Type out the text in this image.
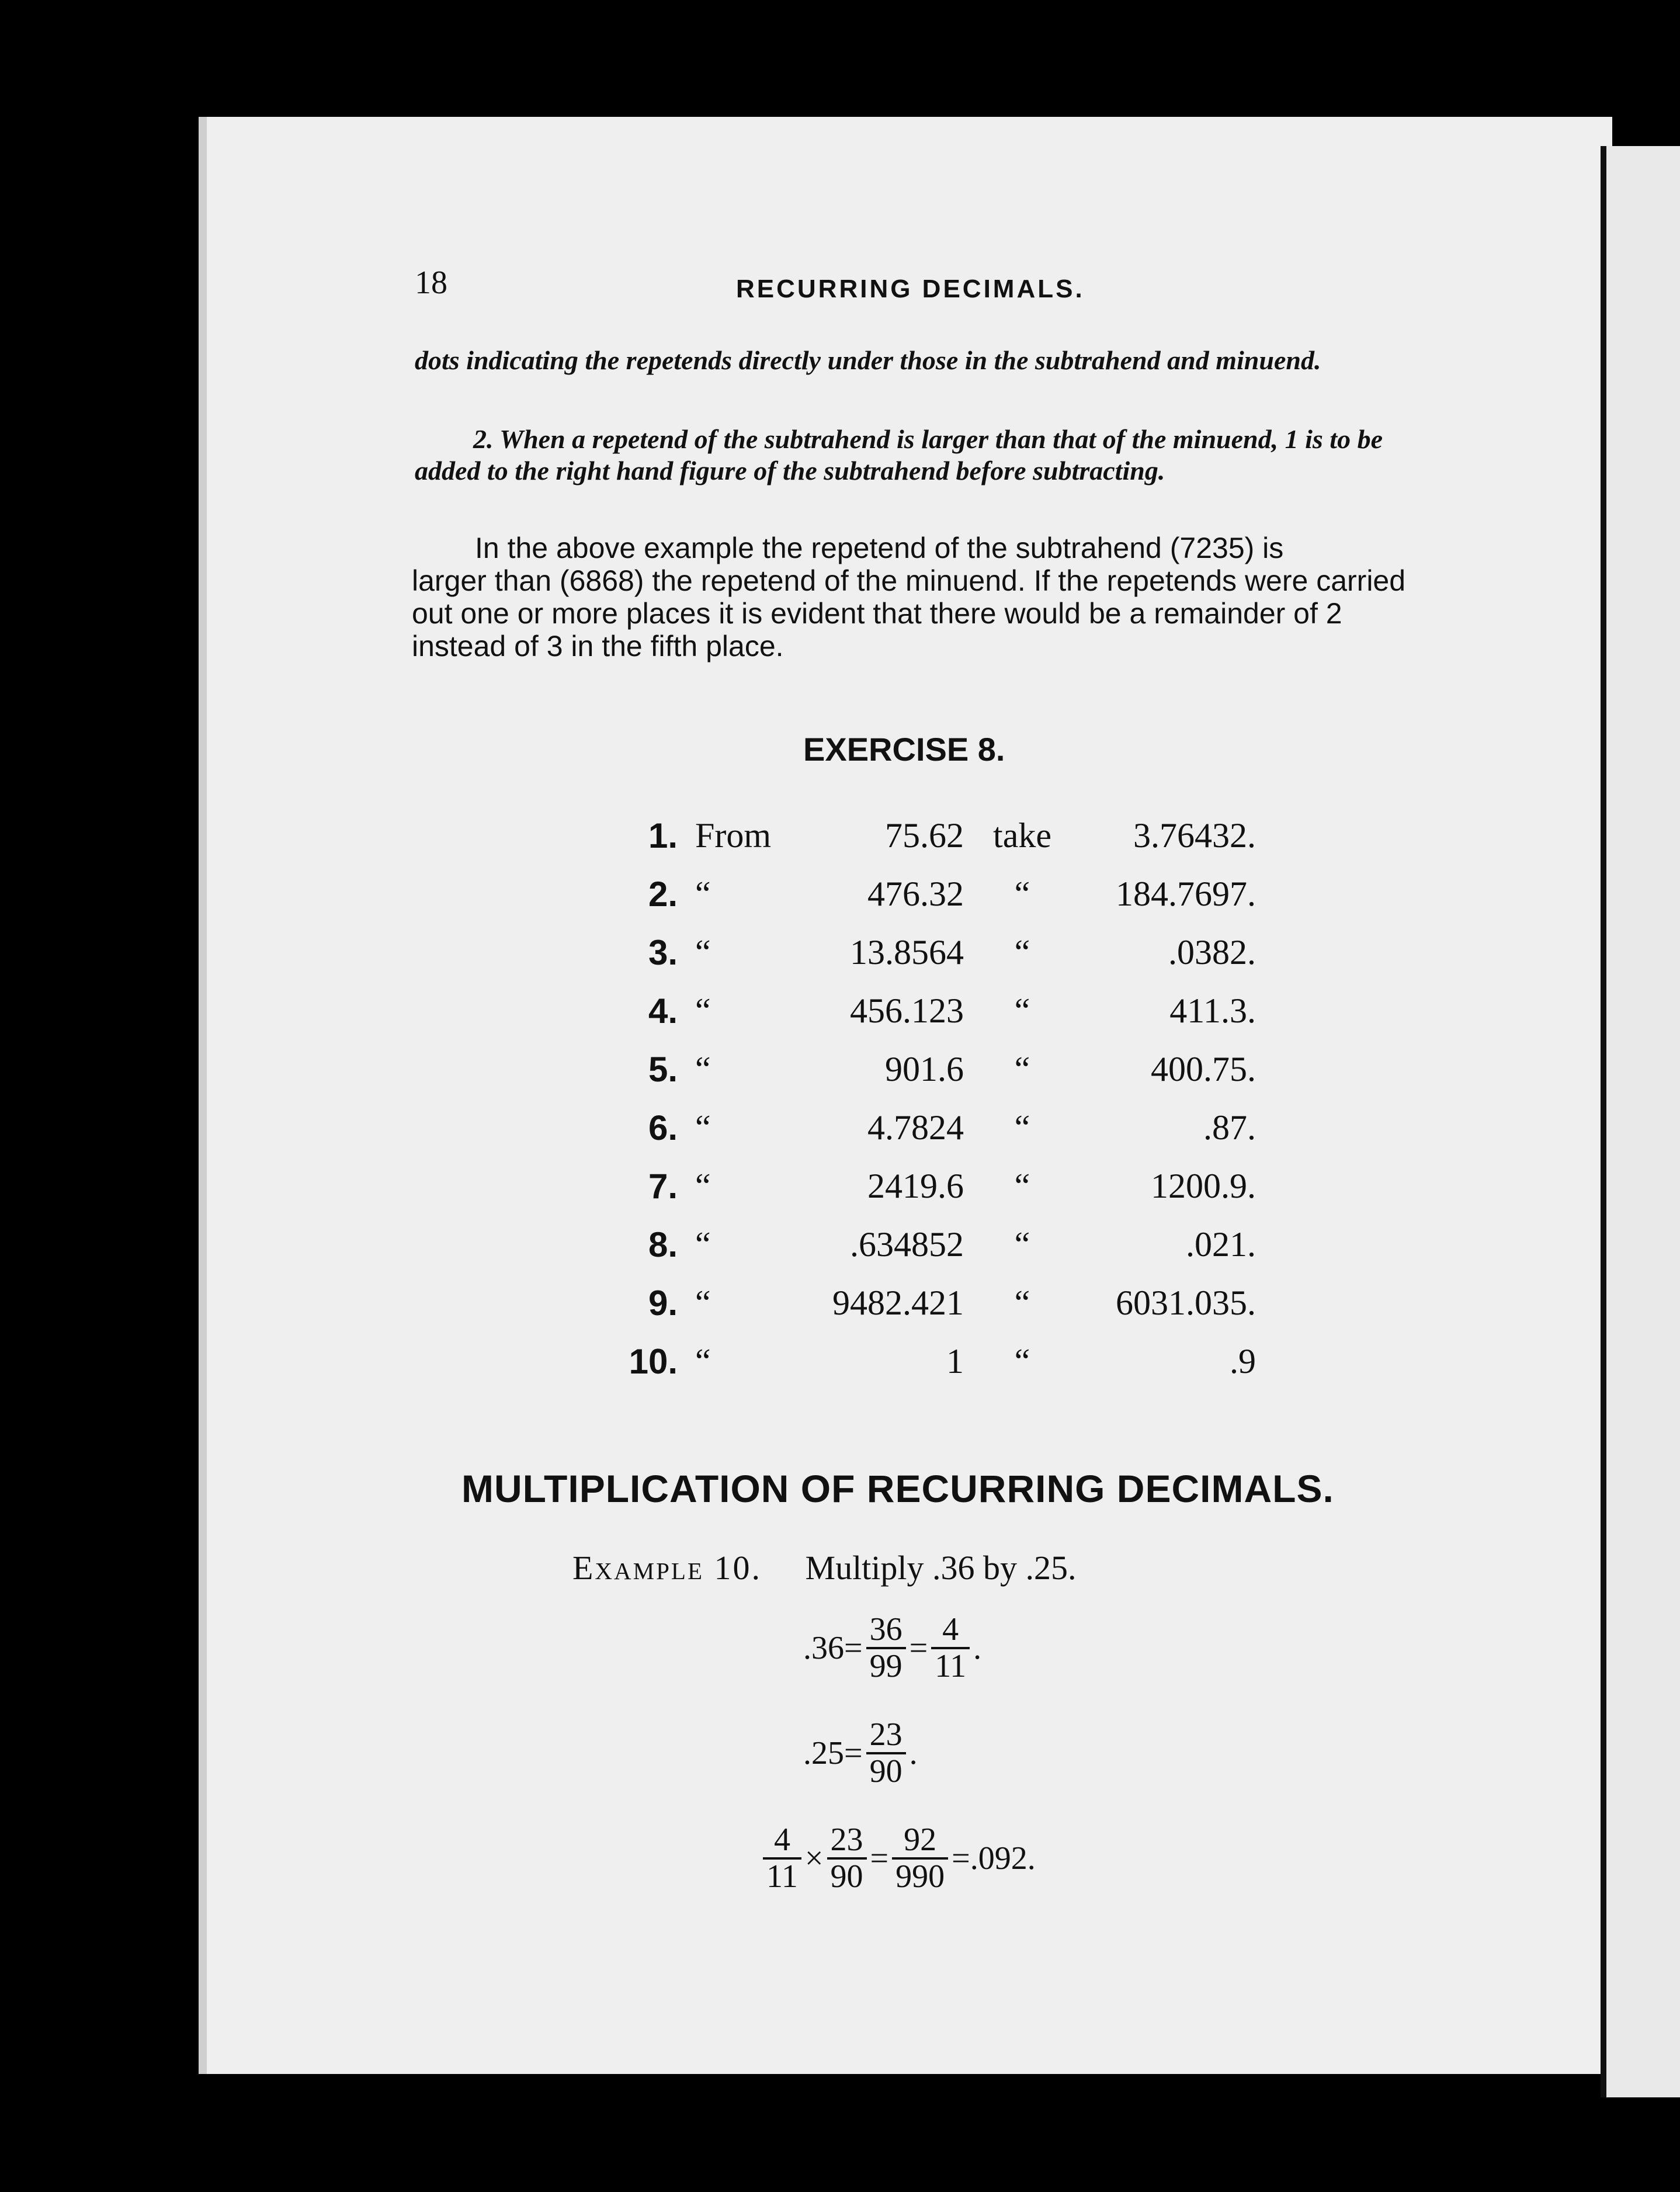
18	RECURRING DECIMALS.
dots indicating the repetends directly under those in the subtrahend and minuend.
2. When a repetend of the subtrahend is larger than that of the minuend, 1 is to be added to the right hand figure of the subtrahend before subtracting.
In the above example the repetend of the subtrahend (7235) is
larger than (6868) the repetend of the minuend. If the repetends were carried out one or more places it is evident that there would be a remainder of 2 instead of 3 in the fifth place.
EXERCISE 8.
1.	From	75.62	take	3.76432.
2.	“	476.32	“	184.7697.
3.	“	13.8564	“	.0382.
4.	“	456.123	“	411.3.
5.	“	901.6	“	400.75.
6.	“	4.7824	“	.87.
7.	“	2419.6	“	1200.9.
8.	“	.634852	“	.021.
9.	“	9482.421	“	6031.035.
10.	“	1	“	.9
MULTIPLICATION OF RECURRING DECIMALS.
Example 10. Multiply .36 by .25.
$.36 = \frac{36}{99} = \frac{4}{11}$ .
$.25 = \frac{23}{90}$ .
$\frac{4}{11} \times \frac{23}{90} = \frac{92}{990} =.092$.
